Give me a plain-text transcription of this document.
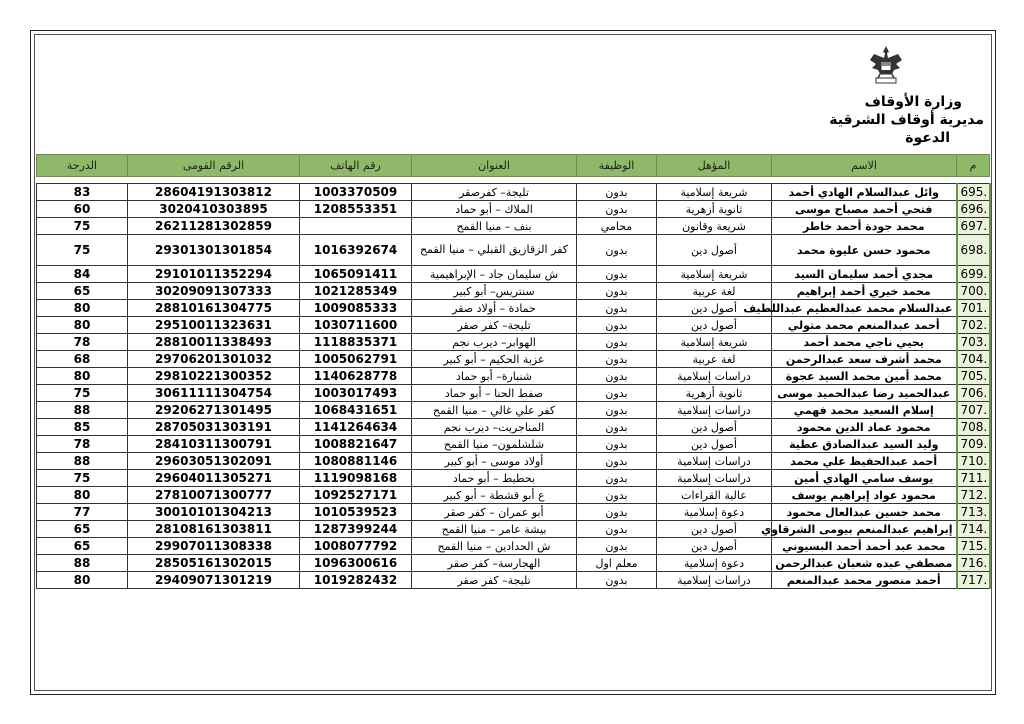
وزارة الأوقاف
مديرية أوقاف الشرقية
الدعوة
م	الاسم	المؤهل	الوظيفة	العنوان	رقم الهاتف	الرقم القومى	الدرجة

695.	وائل عبدالسلام الهادي أحمد	شريعة إسلامية	بدون	تليجة– كفرصقر	1003370509	28604191303812	83
696.	فتحي أحمد مصباح موسى	ثانوية أزهرية	بدون	الملاك – أبو حماد	1208553351	3020410303895	60
697.	محمد جودة أحمد خاطر	شريعة وقانون	محامي	بنف – منيا القمح		26211281302859	75
698.	محمود حسن عليوة محمد	أصول دين	بدون	كفر الزقازيق القبلي – منيا القمح	1016392674	29301301301854	75
699.	مجدي أحمد سليمان السيد	شريعة إسلامية	بدون	ش سليمان جاد – الإبراهيمية	1065091411	29101011352294	84
700.	محمد خيري أحمد إبراهيم	لغة عربية	بدون	سنتريس– أبو كبير	1021285349	30209091307333	65
701.	عبدالسلام محمد عبدالعظيم عبداللطيف	أصول دين	بدون	حمادة – أولاد صقر	1009085333	28810161304775	80
702.	أحمد عبدالمنعم محمد متولي	أصول دين	بدون	تليجة– كفر صقر	1030711600	29510011323631	80
703.	يحيي ناجي محمد أحمد	شريعة إسلامية	بدون	الهوابر– ديرب نجم	1118835371	28810011338493	78
704.	محمد أشرف سعد عبدالرحمن	لغة عربية	بدون	عزبة الحكيم – أبو كبير	1005062791	29706201301032	68
705.	محمد أمين محمد السيد عجوة	دراسات إسلامية	بدون	شنبارة– أبو حماد	1140628778	29810221300352	80
706.	عبدالحميد رضا عبدالحميد موسى	ثانوية أزهرية	بدون	صفط الحنا – أبو حماد	1003017493	30611111304754	75
707.	إسلام السعيد محمد فهمي	دراسات إسلامية	بدون	كفر علي غالي – منيا القمح	1068431651	29206271301495	88
708.	محمود عماد الدين محمود	أصول دين	بدون	المناجريت– ديرب نجم	1141264634	28705031303191	85
709.	وليد السيد عبدالصادق عطية	أصول دين	بدون	شلشلمون– منيا القمح	1008821647	28410311300791	78
710.	أحمد عبدالحفيظ علي محمد	دراسات إسلامية	بدون	أولاد موسى – أبو كبير	1080881146	29603051302091	88
711.	يوسف سامي الهادي أمين	دراسات إسلامية	بدون	بحطيط – أبو حماد	1119098168	29604011305271	75
712.	محمود عواد إبراهيم يوسف	عالية القراءات	بدون	ع أبو قشطة – أبو كبير	1092527171	27810071300777	80
713.	محمد حسين عبدالعال محمود	دعوة إسلامية	بدون	أبو عمران – كفر صقر	1010539523	30010101304213	77
714.	إبراهيم عبدالمنعم بيومى الشرقاوي	أصول دين	بدون	بيشة عامر – منيا القمح	1287399244	28108161303811	65
715.	محمد عبد أحمد أحمد البسيوني	أصول دين	بدون	ش الحدادين – منيا القمح	1008077792	29907011308338	65
716.	مصطفي عبده شعبان عبدالرحمن	دعوة إسلامية	معلم اول	الهجارسة– كفر صقر	1096300616	28505161302015	88
717.	أحمد منصور محمد عبدالمنعم	دراسات إسلامية	بدون	تليجة– كفر صقر	1019282432	29409071301219	80
